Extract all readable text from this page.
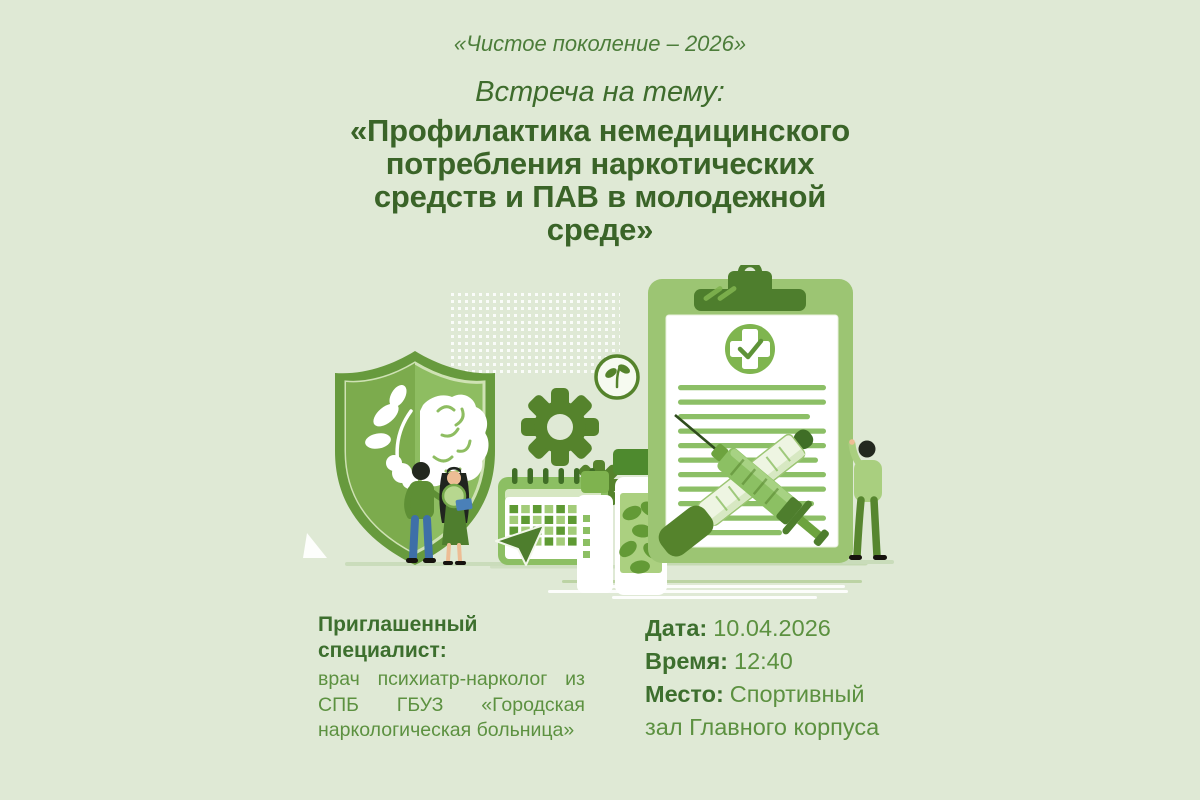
«Чистое поколение – 2026»
Встреча на тему:
«Профилактика немедицинского
потребления наркотических
средств и ПАВ в молодежной
среде»
Приглашенный специалист:
врач психиатр-нарколог из СПБ ГБУЗ «Городская наркологическая больница»
Дата: 10.04.2026
Время: 12:40
Место: Спортивный зал Главного корпуса
